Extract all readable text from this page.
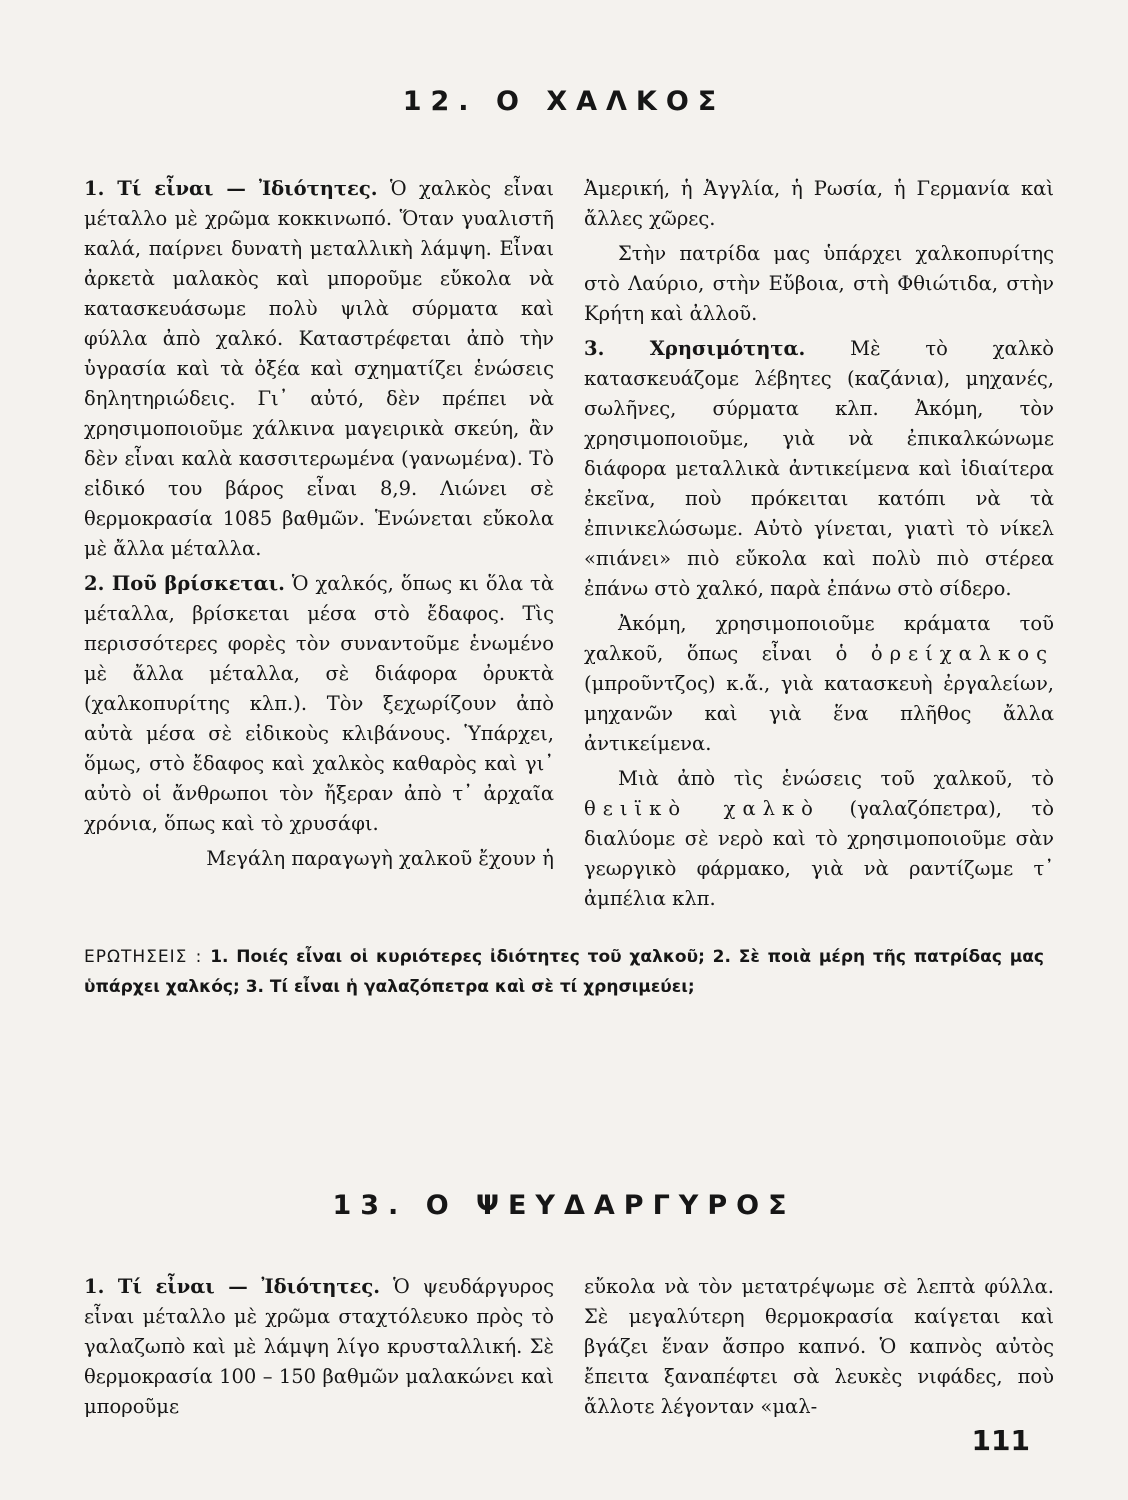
12. Ο ΧΑΛΚΟΣ

1. Τί εἶναι — Ἰδιότητες. Ὁ χαλκὸς εἶναι μέταλλο μὲ χρῶμα κοκκινωπό. Ὅταν γυαλιστῆ καλά, παίρνει δυνατὴ μεταλλικὴ λάμψη. Εἶναι ἀρκετὰ μαλακὸς καὶ μποροῦμε εὔκολα νὰ κατασκευάσωμε πολὺ ψιλὰ σύρματα καὶ φύλλα ἀπὸ χαλκό. Καταστρέφεται ἀπὸ τὴν ὑγρασία καὶ τὰ ὀξέα καὶ σχηματίζει ἑνώσεις δηλητηριώδεις. Γι᾽ αὐτό, δὲν πρέπει νὰ χρησιμοποιοῦμε χάλκινα μαγειρικὰ σκεύη, ἂν δὲν εἶναι καλὰ κασσιτερωμένα (γανωμένα). Τὸ εἰδικό του βάρος εἶναι 8,9. Λιώνει σὲ θερμοκρασία 1085 βαθμῶν. Ἑνώνεται εὔκολα μὲ ἄλλα μέταλλα.

2. Ποῦ βρίσκεται. Ὁ χαλκός, ὅπως κι ὅλα τὰ μέταλλα, βρίσκεται μέσα στὸ ἔδαφος. Τὶς περισσότερες φορὲς τὸν συναντοῦμε ἑνωμένο μὲ ἄλλα μέταλλα, σὲ διάφορα ὀρυκτὰ (χαλκοπυρίτης κλπ.). Τὸν ξεχωρίζουν ἀπὸ αὐτὰ μέσα σὲ εἰδικοὺς κλιβάνους. Ὑπάρχει, ὅμως, στὸ ἔδαφος καὶ χαλκὸς καθαρὸς καὶ γι᾽ αὐτὸ οἱ ἄνθρωποι τὸν ἤξεραν ἀπὸ τ᾽ ἀρχαῖα χρόνια, ὅπως καὶ τὸ χρυσάφι.

Μεγάλη παραγωγὴ χαλκοῦ ἔχουν ἡ

Ἀμερική, ἡ Ἀγγλία, ἡ Ρωσία, ἡ Γερμανία καὶ ἄλλες χῶρες.

Στὴν πατρίδα μας ὑπάρχει χαλκοπυρίτης στὸ Λαύριο, στὴν Εὔβοια, στὴ Φθιώτιδα, στὴν Κρήτη καὶ ἀλλοῦ.

3. Χρησιμότητα. Μὲ τὸ χαλκὸ κατασκευάζομε λέβητες (καζάνια), μηχανές, σωλῆνες, σύρματα κλπ. Ἀκόμη, τὸν χρησιμοποιοῦμε, γιὰ νὰ ἐπικαλκώνωμε διάφορα μεταλλικὰ ἀντικείμενα καὶ ἰδιαίτερα ἐκεῖνα, ποὺ πρόκειται κατόπι νὰ τὰ ἐπινικελώσωμε. Αὐτὸ γίνεται, γιατὶ τὸ νίκελ «πιάνει» πιὸ εὔκολα καὶ πολὺ πιὸ στέρεα ἐπάνω στὸ χαλκό, παρὰ ἐπάνω στὸ σίδερο.

Ἀκόμη, χρησιμοποιοῦμε κράματα τοῦ χαλκοῦ, ὅπως εἶναι ὁ ὀρείχαλκος (μπροῦντζος) κ.ἄ., γιὰ κατασκευὴ ἐργαλείων, μηχανῶν καὶ γιὰ ἕνα πλῆθος ἄλλα ἀντικείμενα.

Μιὰ ἀπὸ τὶς ἑνώσεις τοῦ χαλκοῦ, τὸ θειϊκὸ χαλκὸ (γαλαζόπετρα), τὸ διαλύομε σὲ νερὸ καὶ τὸ χρησιμοποιοῦμε σὰν γεωργικὸ φάρμακο, γιὰ νὰ ραντίζωμε τ᾽ ἀμπέλια κλπ.

ΕΡΩΤΗΣΕΙΣ : 1. Ποιές εἶναι οἱ κυριότερες ἰδιότητες τοῦ χαλκοῦ; 2. Σὲ ποιὰ μέρη τῆς πατρίδας μας ὑπάρχει χαλκός; 3. Τί εἶναι ἡ γαλαζόπετρα καὶ σὲ τί χρησιμεύει;

13. Ο ΨΕΥΔΑΡΓΥΡΟΣ

1. Τί εἶναι — Ἰδιότητες. Ὁ ψευδάργυρος εἶναι μέταλλο μὲ χρῶμα σταχτόλευκο πρὸς τὸ γαλαζωπὸ καὶ μὲ λάμψη λίγο κρυσταλλική. Σὲ θερμοκρασία 100 – 150 βαθμῶν μαλακώνει καὶ μποροῦμε

εὔκολα νὰ τὸν μετατρέψωμε σὲ λεπτὰ φύλλα. Σὲ μεγαλύτερη θερμοκρασία καίγεται καὶ βγάζει ἕναν ἄσπρο καπνό. Ὁ καπνὸς αὐτὸς ἔπειτα ξαναπέφτει σὰ λευκὲς νιφάδες, ποὺ ἄλλοτε λέγονταν «μαλ-

111
